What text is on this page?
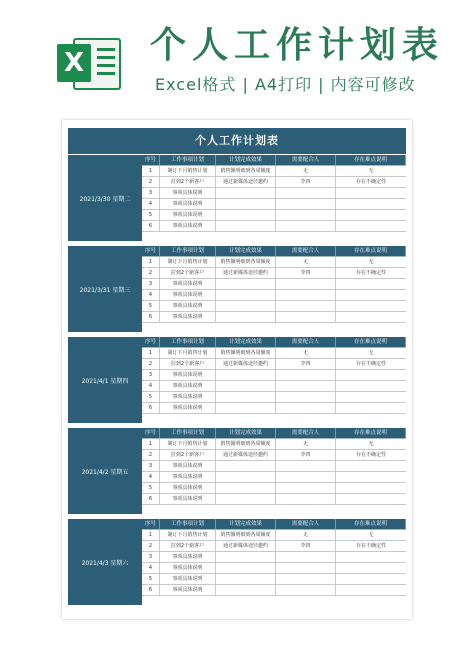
X 个人工作计划表
Excel格式 | A4打印 | 内容可修改
个人工作计划表
2021/3/30 星期二
序号	工作事项计划	计划完成效果	需要配合人	存在难点说明
1	制订下月销售计划	销售额明细到各周额度	无	无
2	拉到2个新客户	通过新媒体途径邀约	李四	存在不确定性
3	事项具体说明
4	事项具体说明
5	事项具体说明
6	事项具体说明
2021/3/31 星期三
序号	工作事项计划	计划完成效果	需要配合人	存在难点说明
1	制订下月销售计划	销售额明细到各周额度	无	无
2	拉到2个新客户	通过新媒体途径邀约	李四	存在不确定性
3	事项具体说明
4	事项具体说明
5	事项具体说明
6	事项具体说明
2021/4/1 星期四
序号	工作事项计划	计划完成效果	需要配合人	存在难点说明
1	制订下月销售计划	销售额明细到各周额度	无	无
2	拉到2个新客户	通过新媒体途径邀约	李四	存在不确定性
3	事项具体说明
4	事项具体说明
5	事项具体说明
6	事项具体说明
2021/4/2 星期五
序号	工作事项计划	计划完成效果	需要配合人	存在难点说明
1	制订下月销售计划	销售额明细到各周额度	无	无
2	拉到2个新客户	通过新媒体途径邀约	李四	存在不确定性
3	事项具体说明
4	事项具体说明
5	事项具体说明
6	事项具体说明
2021/4/3 星期六
序号	工作事项计划	计划完成效果	需要配合人	存在难点说明
1	制订下月销售计划	销售额明细到各周额度	无	无
2	拉到2个新客户	通过新媒体途径邀约	李四	存在不确定性
3	事项具体说明
4	事项具体说明
5	事项具体说明
6	事项具体说明
